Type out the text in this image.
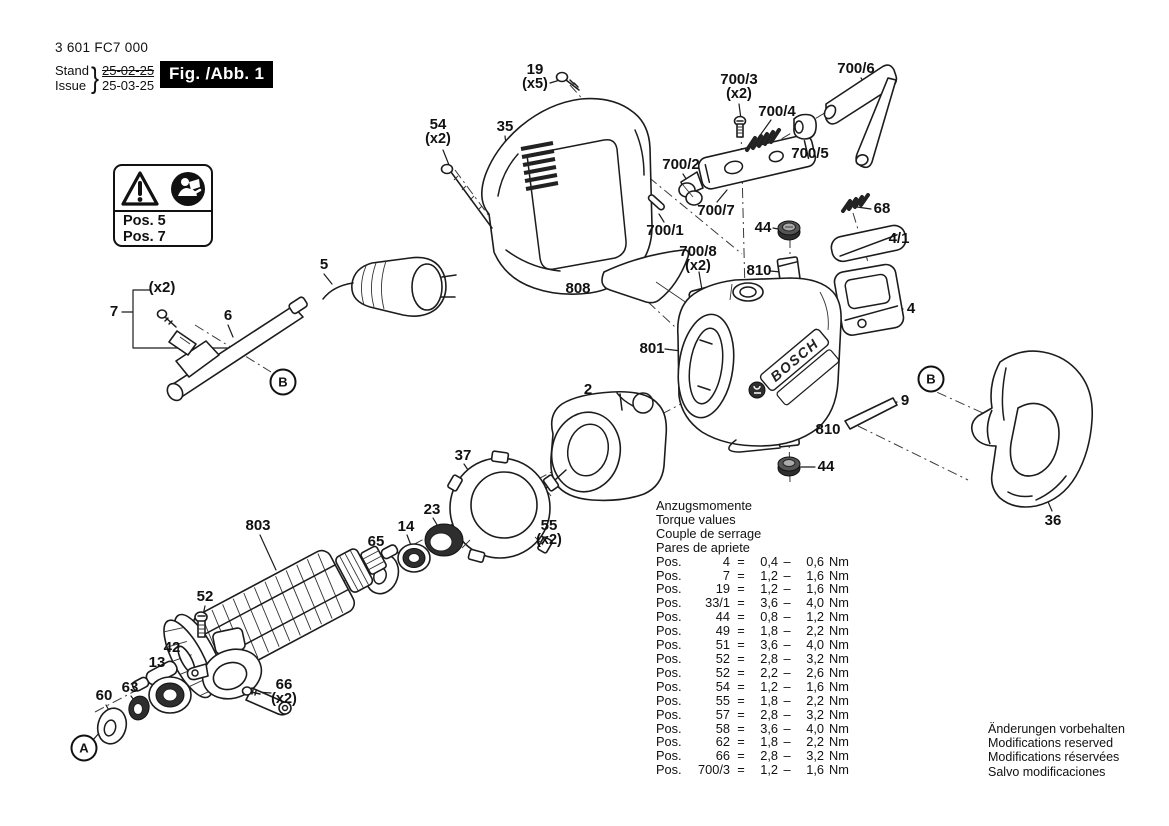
BOSCH
3 601 FC7 000
Stand
Issue } 25-02-25
25-03-25
Fig. /Abb. 1
Pos. 5
Pos. 7
19
(x5)
35
54
(x2)
700/3
(x2)
700/4
700/6
700/5
700/2
700/7
700/1
68
44
4/1
810
700/8
(x2)
808
801
4
9
810
44
36
2
37
55
(x2)
23
14
65
803
52
42
13
63
60
66
(x2)
5
6
7
(x2)
A
B	B
Anzugsmomente
Torque values
Couple de serrage
Pares de apriete
Pos.	4 =	0,4 –	0,6 Nm
Pos.	7 =	1,2 –	1,6 Nm
Pos.	19 =	1,2 –	1,6 Nm
Pos.	33/1 =	3,6 –	4,0 Nm
Pos.	44 =	0,8 –	1,2 Nm
Pos.	49 =	1,8 –	2,2 Nm
Pos.	51 =	3,6 –	4,0 Nm
Pos.	52 =	2,8 –	3,2 Nm
Pos.	52 =	2,2 –	2,6 Nm
Pos.	54 =	1,2 –	1,6 Nm
Pos.	55 =	1,8 –	2,2 Nm
Pos.	57 =	2,8 –	3,2 Nm
Pos.	58 =	3,6 –	4,0 Nm
Pos.	62 =	1,8 –	2,2 Nm
Pos.	66 =	2,8 –	3,2 Nm
Pos.	700/3 =	1,2 –	1,6 Nm
Änderungen vorbehalten
Modifications reserved
Modifications réservées
Salvo modificaciones
